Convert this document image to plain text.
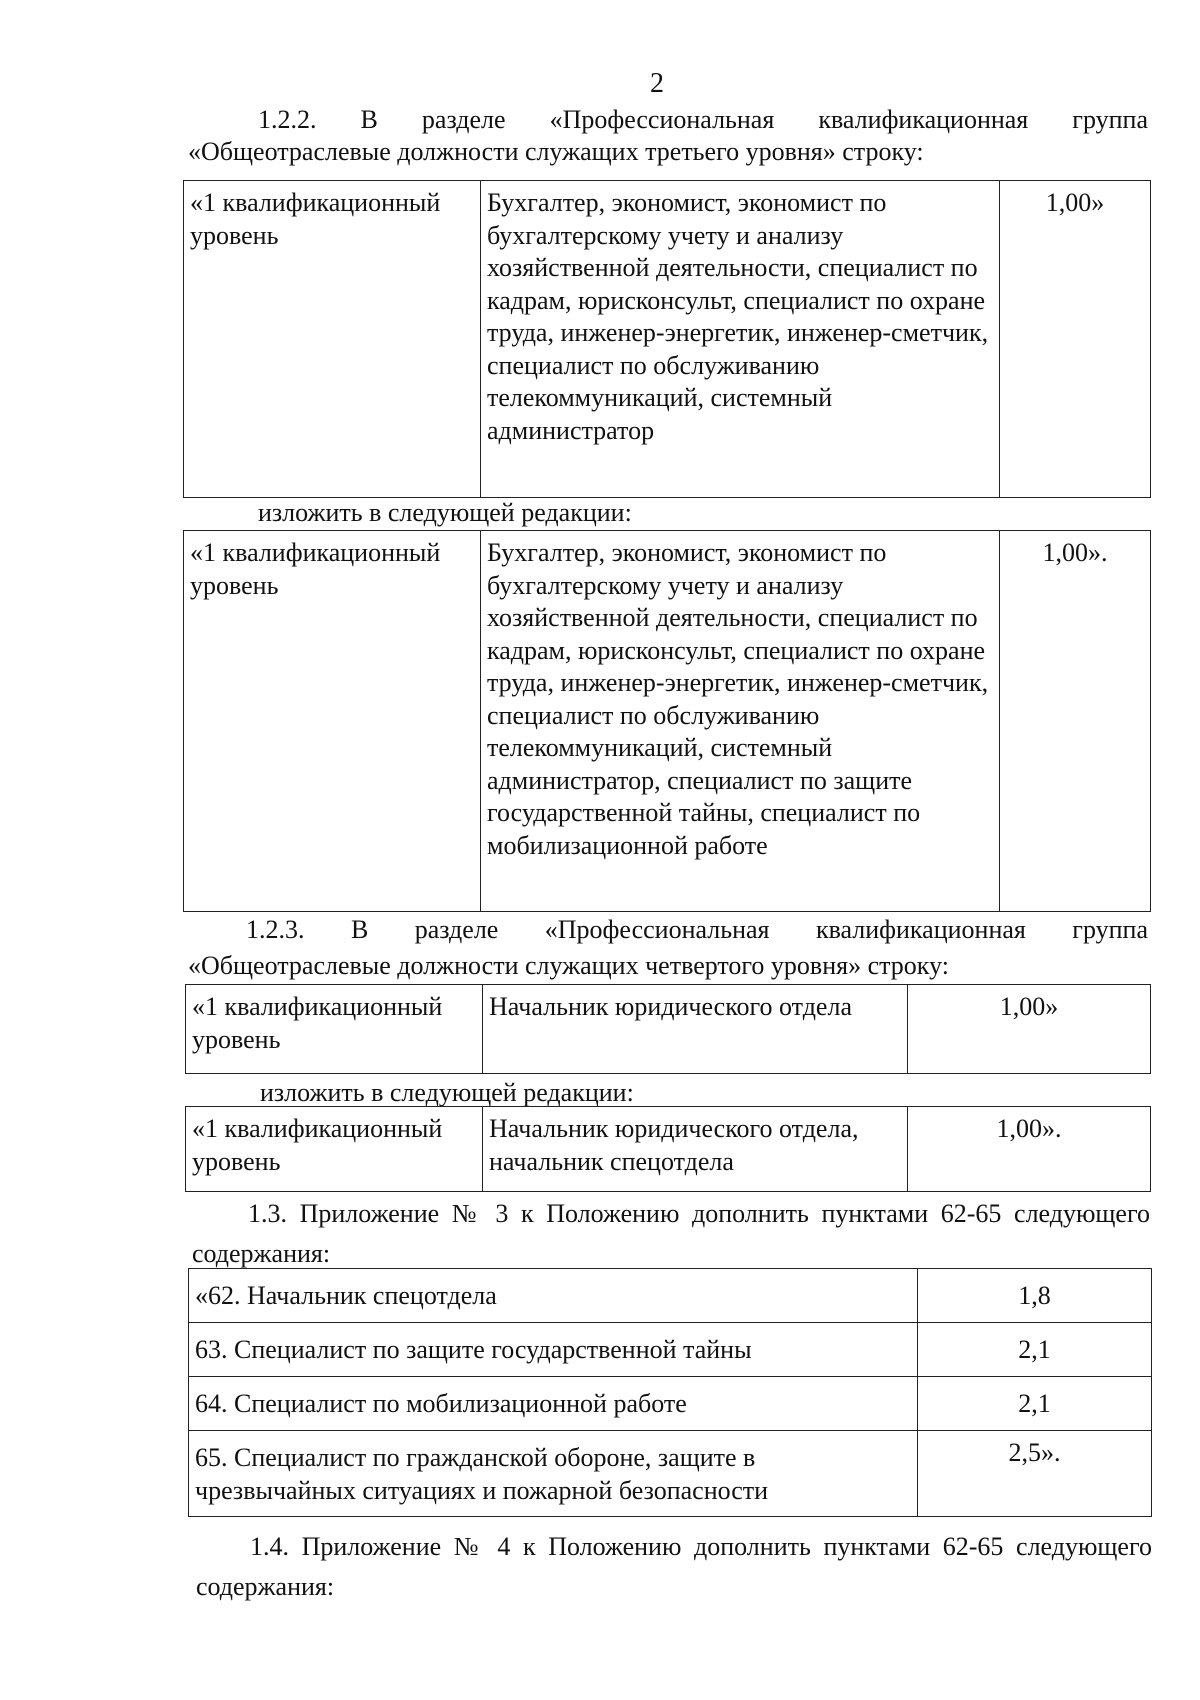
2
1.2.2. В разделе «Профессиональная квалификационная группа
«Общеотраслевые должности служащих третьего уровня» строку:
«1 квалификационный уровень	Бухгалтер, экономист, экономист по бухгалтерскому учету и анализу хозяйственной деятельности, специалист по кадрам, юрисконсульт, специалист по охране труда, инженер-энергетик, инженер-сметчик, специалист по обслуживанию телекоммуникаций, системный администратор	1,00»
изложить в следующей редакции:
«1 квалификационный уровень	Бухгалтер, экономист, экономист по бухгалтерскому учету и анализу хозяйственной деятельности, специалист по кадрам, юрисконсульт, специалист по охране труда, инженер-энергетик, инженер-сметчик, специалист по обслуживанию телекоммуникаций, системный администратор, специалист по защите государственной тайны, специалист по мобилизационной работе	1,00».
1.2.3. В разделе «Профессиональная квалификационная группа
«Общеотраслевые должности служащих четвертого уровня» строку:
«1 квалификационный уровень	Начальник юридического отдела	1,00»
изложить в следующей редакции:
«1 квалификационный уровень	Начальник юридического отдела, начальник спецотдела	1,00».
1.3. Приложение № 3 к Положению дополнить пунктами 62-65 следующего
содержания:
«62. Начальник спецотдела	1,8
63. Специалист по защите государственной тайны	2,1
64. Специалист по мобилизационной работе	2,1
65. Специалист по гражданской обороне, защите в чрезвычайных ситуациях и пожарной безопасности	2,5».
1.4. Приложение № 4 к Положению дополнить пунктами 62-65 следующего
содержания:
